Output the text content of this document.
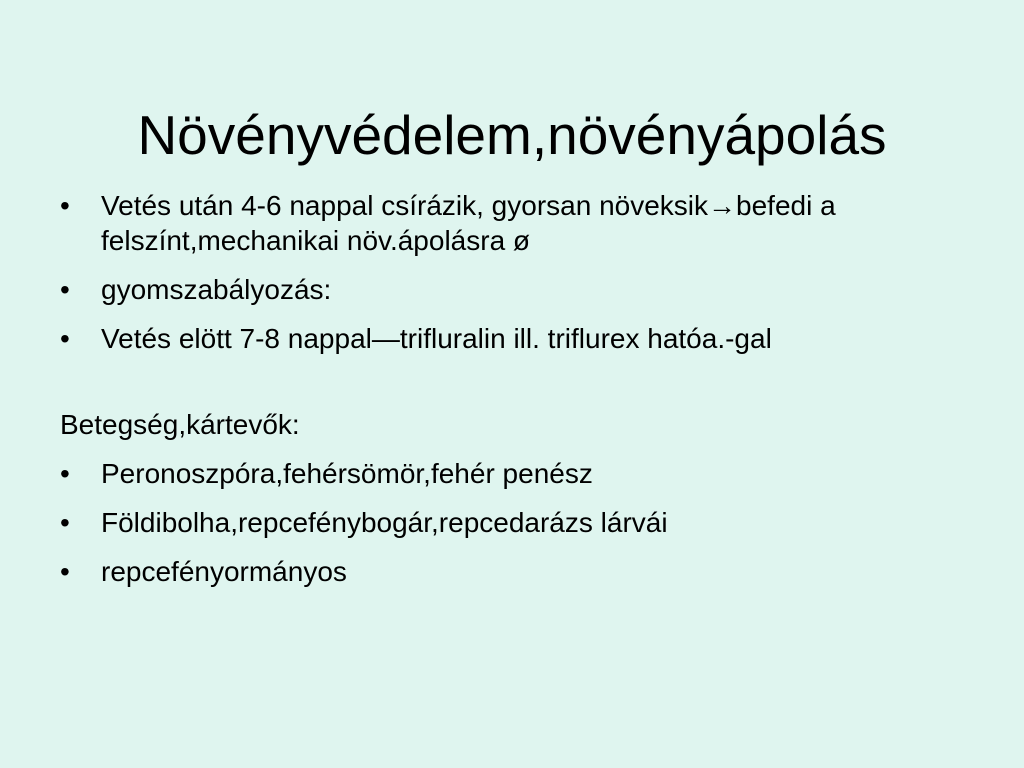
Növényvédelem,növényápolás
• Vetés után 4-6 nappal csírázik, gyorsan növeksik→befedi a felszínt,mechanikai növ.ápolásra ø
• gyomszabályozás:
• Vetés elött 7-8 nappal—trifluralin ill. triflurex hatóa.-gal
Betegség,kártevők:
• Peronoszpóra,fehérsömör,fehér penész
• Földibolha,repcefénybogár,repcedarázs lárvái
• repcefényormányos
